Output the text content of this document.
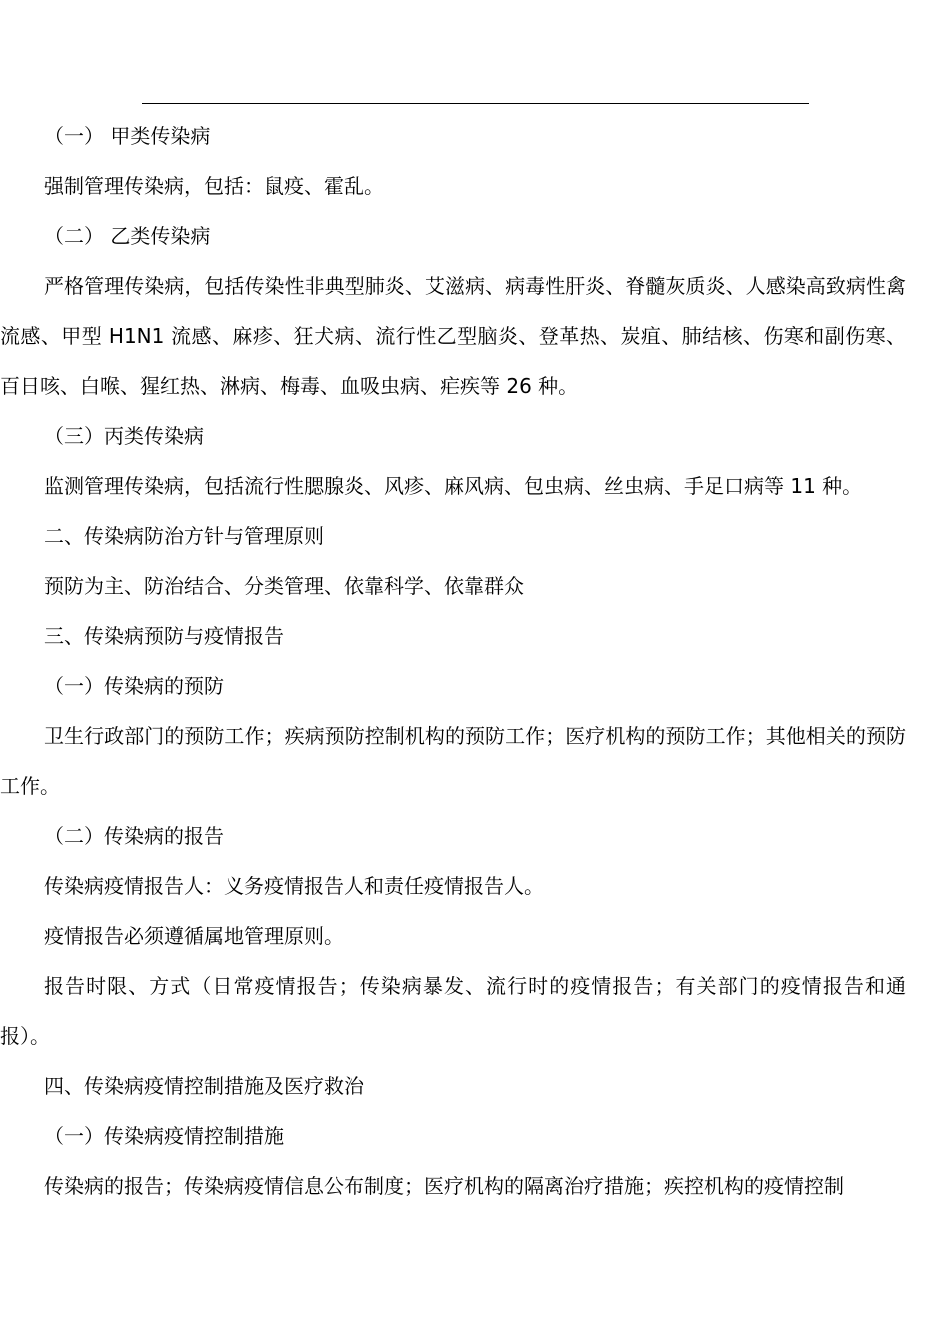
（一） 甲类传染病

强制管理传染病，包括：鼠疫、霍乱。

（二） 乙类传染病

严格管理传染病，包括传染性非典型肺炎、艾滋病、病毒性肝炎、脊髓灰质炎、人感染高致病性禽流感、甲型 H1N1 流感、麻疹、狂犬病、流行性乙型脑炎、登革热、炭疽、肺结核、伤寒和副伤寒、百日咳、白喉、猩红热、淋病、梅毒、血吸虫病、疟疾等 26 种。

（三）丙类传染病

监测管理传染病，包括流行性腮腺炎、风疹、麻风病、包虫病、丝虫病、手足口病等 11 种。

二、传染病防治方针与管理原则

预防为主、防治结合、分类管理、依靠科学、依靠群众

三、传染病预防与疫情报告

（一）传染病的预防

卫生行政部门的预防工作；疾病预防控制机构的预防工作；医疗机构的预防工作；其他相关的预防工作。

（二）传染病的报告

传染病疫情报告人：义务疫情报告人和责任疫情报告人。

疫情报告必须遵循属地管理原则。

报告时限、方式（日常疫情报告；传染病暴发、流行时的疫情报告；有关部门的疫情报告和通报）。

四、传染病疫情控制措施及医疗救治

（一）传染病疫情控制措施

传染病的报告；传染病疫情信息公布制度；医疗机构的隔离治疗措施；疾控机构的疫情控制
